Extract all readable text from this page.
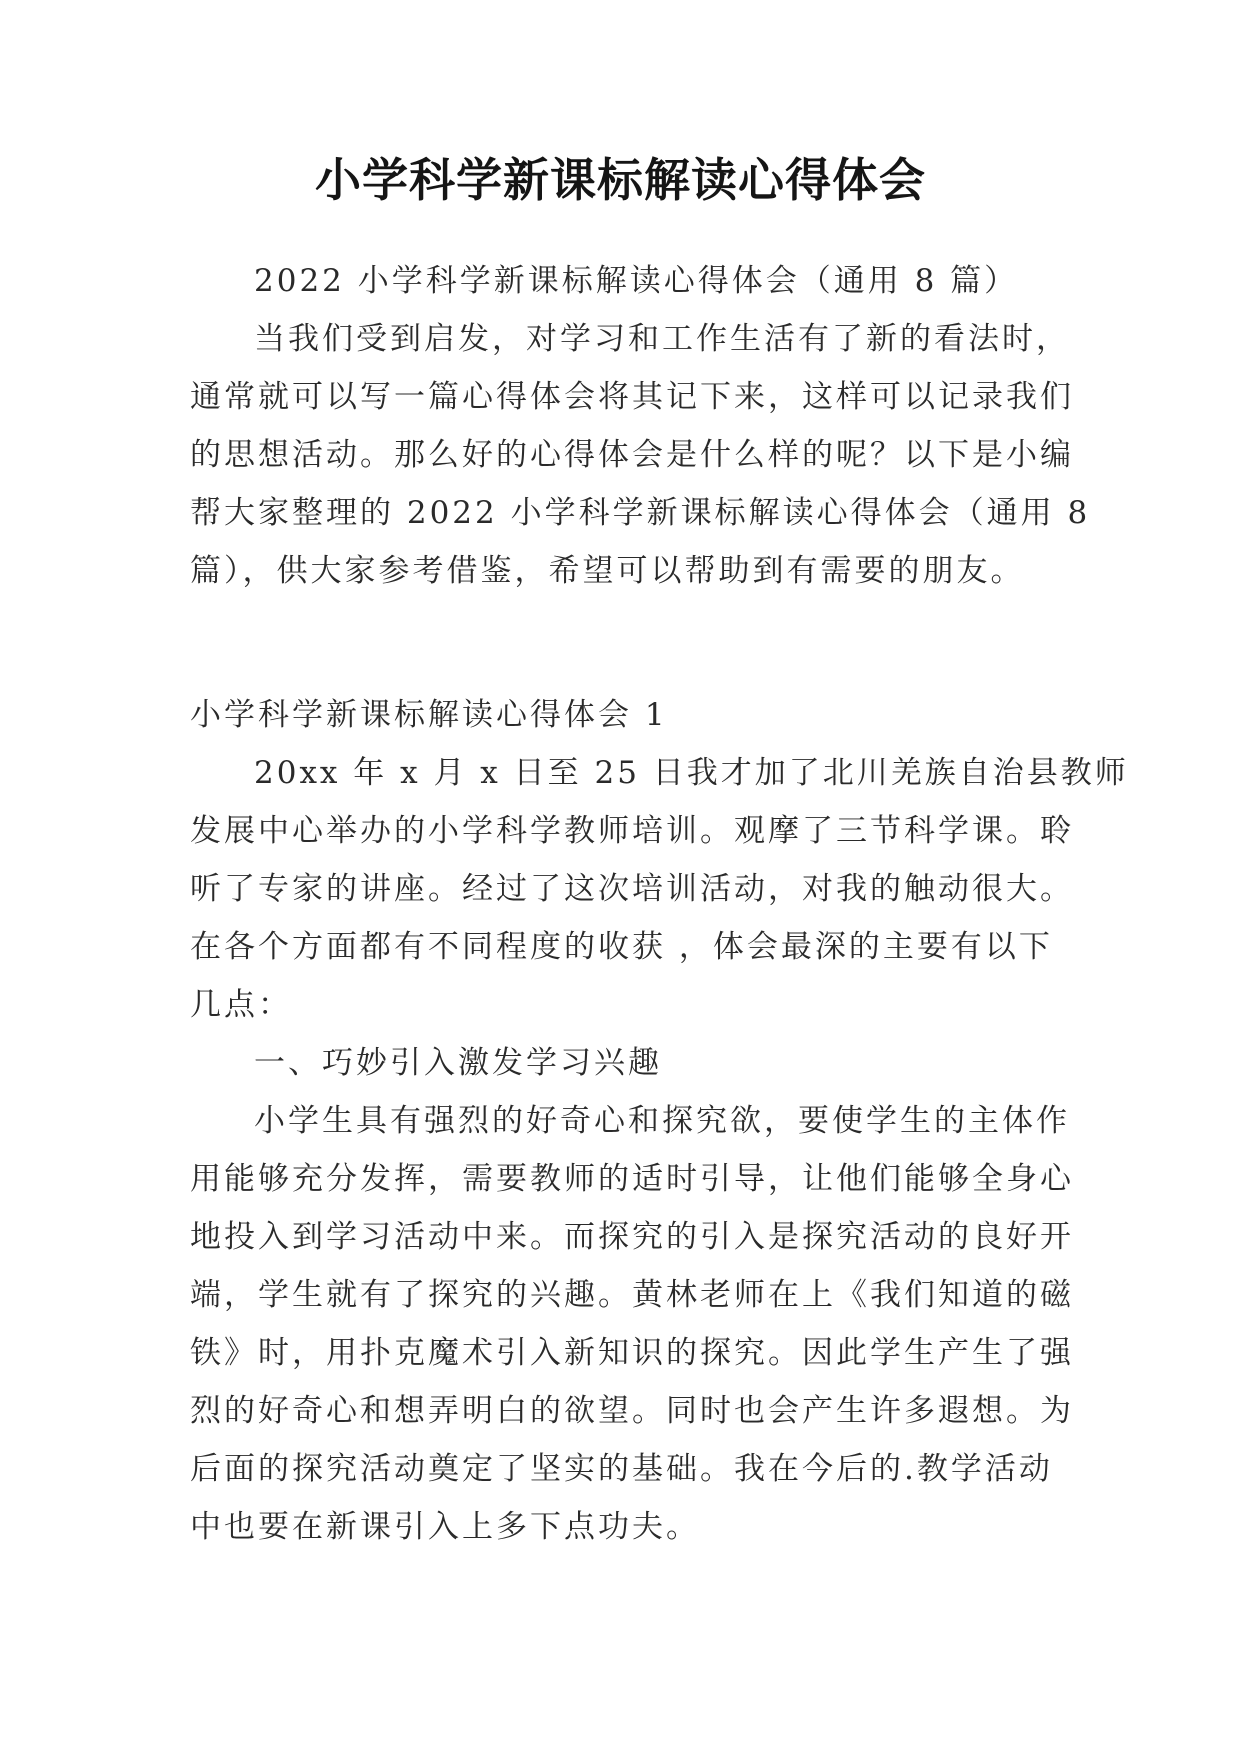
小学科学新课标解读心得体会
2022 小学科学新课标解读心得体会（通用 8 篇）
当我们受到启发，对学习和工作生活有了新的看法时，
通常就可以写一篇心得体会将其记下来，这样可以记录我们
的思想活动。那么好的心得体会是什么样的呢？以下是小编
帮大家整理的 2022 小学科学新课标解读心得体会（通用 8
篇），供大家参考借鉴，希望可以帮助到有需要的朋友。
小学科学新课标解读心得体会 1
20xx 年 x 月 x 日至 25 日我才加了北川羌族自治县教师
发展中心举办的小学科学教师培训。观摩了三节科学课。聆
听了专家的讲座。经过了这次培训活动，对我的触动很大。
在各个方面都有不同程度的收获 ，体会最深的主要有以下
几点：
一、巧妙引入激发学习兴趣
小学生具有强烈的好奇心和探究欲，要使学生的主体作
用能够充分发挥，需要教师的适时引导，让他们能够全身心
地投入到学习活动中来。而探究的引入是探究活动的良好开
端，学生就有了探究的兴趣。黄林老师在上《我们知道的磁
铁》时，用扑克魔术引入新知识的探究。因此学生产生了强
烈的好奇心和想弄明白的欲望。同时也会产生许多遐想。为
后面的探究活动奠定了坚实的基础。我在今后的.教学活动
中也要在新课引入上多下点功夫。
